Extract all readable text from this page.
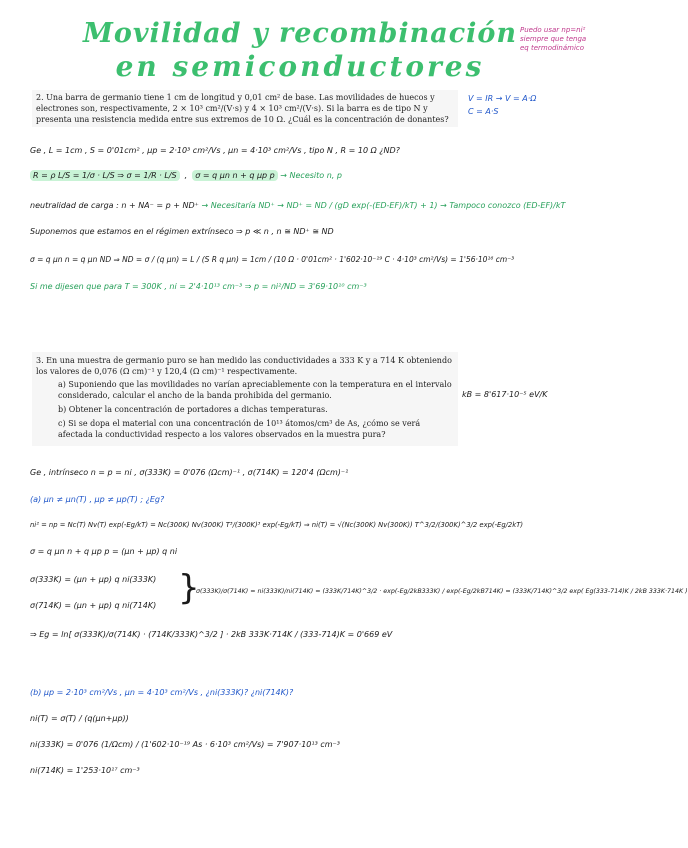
Movilidad y recombinación
en semiconductores
Puedo usar np=ni² siempre que tenga eq termodinámico

2. Una barra de germanio tiene 1 cm de longitud y 0,01 cm² de base. Las movilidades de huecos y electrones son, respectivamente, 2 × 10³ cm²/(V·s) y 4 × 10³ cm²/(V·s). Si la barra es de tipo N y presenta una resistencia medida entre sus extremos de 10 Ω. ¿Cuál es la concentración de donantes?

V = IR → V = A·Ω
C = A·S
Ge , L = 1cm , S = 0'01cm² , μp = 2·10³ cm²/Vs , μn = 4·10³ cm²/Vs , tipo N , R = 10 Ω ¿ND?
R = ρ L/S = 1/σ · L/S ⇒ σ = 1/R · L/S  ,  σ = q μn n + q μp p → Necesito n, p
neutralidad de carga : n + NA⁻ = p + ND⁺ → Necesitaría ND⁺ → ND⁺ = ND / (gD exp(-(ED-EF)/kT) + 1) → Tampoco conozco (ED-EF)/kT
Suponemos que estamos en el régimen extrínseco ⇒ p ≪ n , n ≅ ND⁺ ≅ ND
σ = q μn n = q μn ND ⇒ ND = σ / (q μn) = L / (S R q μn) = 1cm / (10 Ω · 0'01cm² · 1'602·10⁻¹⁹ C · 4·10³ cm²/Vs) = 1'56·10¹⁶ cm⁻³
Si me dijesen que para T = 300K , ni = 2'4·10¹³ cm⁻³ ⇒ p = ni²/ND = 3'69·10¹⁰ cm⁻³

3. En una muestra de germanio puro se han medido las conductividades a 333 K y a 714 K obteniendo los valores de 0,076 (Ω cm)⁻¹ y 120,4 (Ω cm)⁻¹ respectivamente.

a) Suponiendo que las movilidades no varían apreciablemente con la temperatura en el intervalo considerado, calcular el ancho de la banda prohibida del germanio.
b) Obtener la concentración de portadores a dichas temperaturas.
c) Si se dopa el material con una concentración de 10¹³ átomos/cm³ de As, ¿cómo se verá afectada la conductividad respecto a los valores observados en la muestra pura?
kB = 8'617·10⁻⁵ eV/K
Ge , intrínseco n = p = ni , σ(333K) = 0'076 (Ωcm)⁻¹ , σ(714K) = 120'4 (Ωcm)⁻¹
(a) μn ≠ μn(T) , μp ≠ μp(T) ; ¿Eg?
ni² = np = Nc(T) Nv(T) exp(-Eg/kT) = Nc(300K) Nv(300K) T³/(300K)³ exp(-Eg/kT) ⇒ ni(T) = √(Nc(300K) Nv(300K)) T^3/2/(300K)^3/2 exp(-Eg/2kT)
σ = q μn n + q μp p = (μn + μp) q ni
σ(333K) = (μn + μp) q ni(333K)
σ(714K) = (μn + μp) q ni(714K) }
σ(333K)/σ(714K) = ni(333K)/ni(714K) = (333K/714K)^3/2 · exp(-Eg/2kB333K) / exp(-Eg/2kB714K) = (333K/714K)^3/2 exp( Eg(333-714)K / 2kB 333K·714K )
⇒ Eg = ln[ σ(333K)/σ(714K) · (714K/333K)^3/2 ] · 2kB 333K·714K / (333-714)K = 0'669 eV
(b) μp = 2·10³ cm²/Vs , μn = 4·10³ cm²/Vs , ¿ni(333K)? ¿ni(714K)?
ni(T) = σ(T) / (q(μn+μp))
ni(333K) = 0'076 (1/Ωcm) / (1'602·10⁻¹⁹ As · 6·10³ cm²/Vs) = 7'907·10¹³ cm⁻³
ni(714K) = 1'253·10¹⁷ cm⁻³
